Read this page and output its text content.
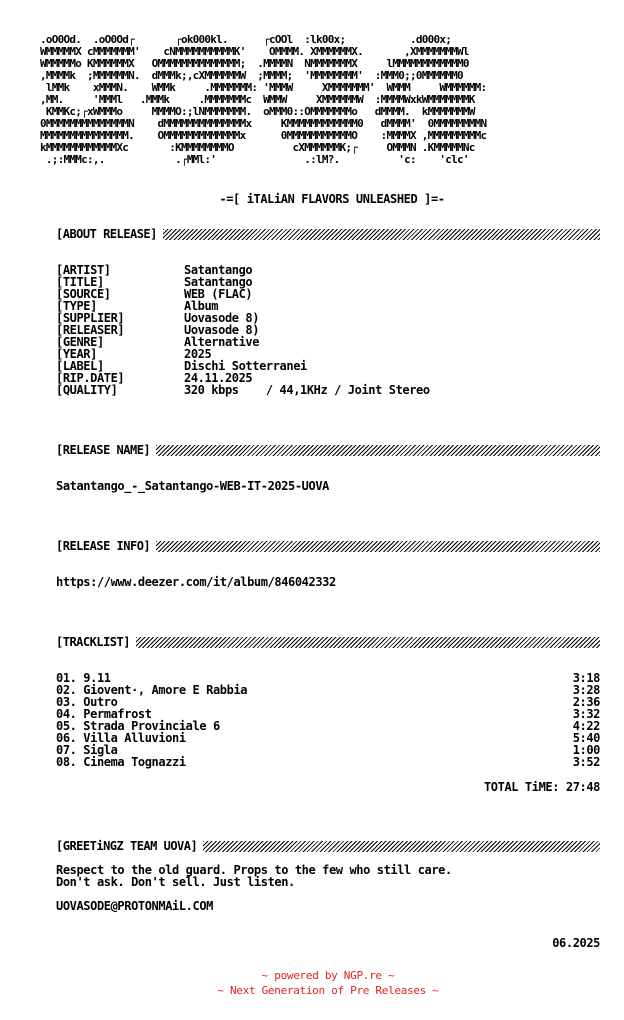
.oO0Od.  .oO0Od┌       ┌ok000kl.      ┌cOOl  :lk00x;           .d000x;
WMMMMMX cMMMMMMM'    cNMMMMMMMMMMK'    OMMMM. XMMMMMMX.       ,XMMMMMMMWl
WMMMMMo KMMMMMMX   OMMMMMMMMMMMMMM;  .MMMMN  NMMMMMMMX     lMMMMMMMMMMMM0
,MMMMk  ;MMMMMMN.  dMMMk;,cXMMMMMMW  ;MMMM;  'MMMMMMMM'  :MMM0;;0MMMMMM0
lMMk    xMMMN.    WMMk     .MMMMMMM: 'MMMW     XMMMMMMM'  WMMM     WMMMMMM:
,MM.     'MMMl   .MMMk     .MMMMMMMc  WMMW     XMMMMMMW  :MMMMWxkWMMMMMMMK
KMMKc;┌xWMMMo     MMMMO:;lNMMMMMMM.  oMMM0::OMMMMMMMo   dMMMM.  kMMMMMMMW
0MMMMMMMMMMMMMMN    dMMMMMMMMMMMMMMx     KMMMMMMMMMMMM0   dMMMM'  0MMMMMMMMN
MMMMMMMMMMMMMMM.    OMMMMMMMMMMMMMx      0MMMMMMMMMMMO    :MMMMX ,MMMMMMMMMc
kMMMMMMMMMMMMXc       :KMMMMMMMMO          cXMMMMMMK;┌     OMMMN .KMMMMMNc
.;:MMMc:,.            .┌MMl:'               .:lM?.          'c:    'clc'
-=[ iTALiAN FLAVORS UNLEASHED ]=-
[ABOUT RELEASE]
[ARTIST]	Satantango
[TITLE]	Satantango
[SOURCE]	WEB (FLAC)
[TYPE]	Album
[SUPPLIER]	Uovasode 8)
[RELEASER]	Uovasode 8)
[GENRE]	Alternative
[YEAR]	2025
[LABEL]	Dischi Sotterranei
[RIP.DATE]	24.11.2025
[QUALITY]	320 kbps    / 44,1KHz / Joint Stereo
[RELEASE NAME]
Satantango_-_Satantango-WEB-IT-2025-UOVA
[RELEASE INFO]
https://www.deezer.com/it/album/846042332
[TRACKLIST]
01. 9.11	3:18
02. Giovent·, Amore E Rabbia	3:28
03. Outro	2:36
04. Permafrost	3:32
05. Strada Provinciale 6	4:22
06. Villa Alluvioni	5:40
07. Sigla	1:00
08. Cinema Tognazzi	3:52
TOTAL TiME: 27:48
[GREETiNGZ TEAM UOVA]
Respect to the old guard. Props to the few who still care.
Don't ask. Don't sell. Just listen.
UOVASODE@PROTONMAiL.COM
06.2025
~ powered by NGP.re ~
~ Next Generation of Pre Releases ~
